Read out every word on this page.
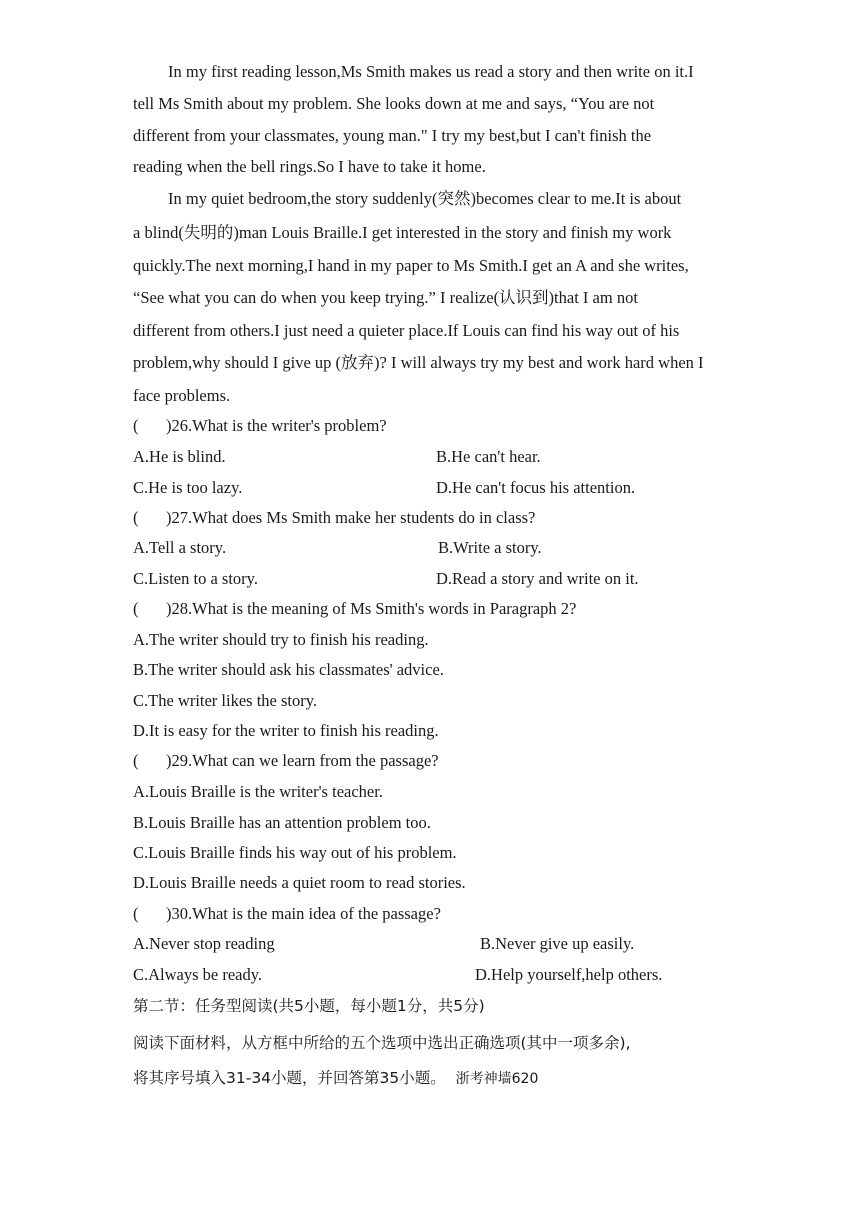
In my first reading lesson,Ms Smith makes us read a story and then write on it.I
tell Ms Smith about my problem. She looks down at me and says, “You are not
different from your classmates, young man." I try my best,but I can't finish the
reading when the bell rings.So I have to take it home.
In my quiet bedroom,the story suddenly(突然)becomes clear to me.It is about
a blind(失明的)man Louis Braille.I get interested in the story and finish my work
quickly.The next morning,I hand in my paper to Ms Smith.I get an A and she writes,
“See what you can do when you keep trying.” I realize(认识到)that I am not
different from others.I just need a quieter place.If Louis can find his way out of his
problem,why should I give up (放弃)? I will always try my best and work hard when I
face problems.
( )26.What is the writer's problem?
A.He is blind.	B.He can't hear.
C.He is too lazy.	D.He can't focus his attention.
( )27.What does Ms Smith make her students do in class?
A.Tell a story.	B.Write a story.
C.Listen to a story.	D.Read a story and write on it.
( )28.What is the meaning of Ms Smith's words in Paragraph 2?
A.The writer should try to finish his reading.
B.The writer should ask his classmates' advice.
C.The writer likes the story.
D.It is easy for the writer to finish his reading.
( )29.What can we learn from the passage?
A.Louis Braille is the writer's teacher.
B.Louis Braille has an attention problem too.
C.Louis Braille finds his way out of his problem.
D.Louis Braille needs a quiet room to read stories.
( )30.What is the main idea of the passage?
A.Never stop reading	B.Never give up easily.
C.Always be ready.	D.Help yourself,help others.
第二节：任务型阅读(共5小题，每小题1分，共5分)
阅读下面材料，从方框中所给的五个选项中选出正确选项(其中一项多余),
将其序号填入31-34小题，并回答第35小题。 浙考神墙620
